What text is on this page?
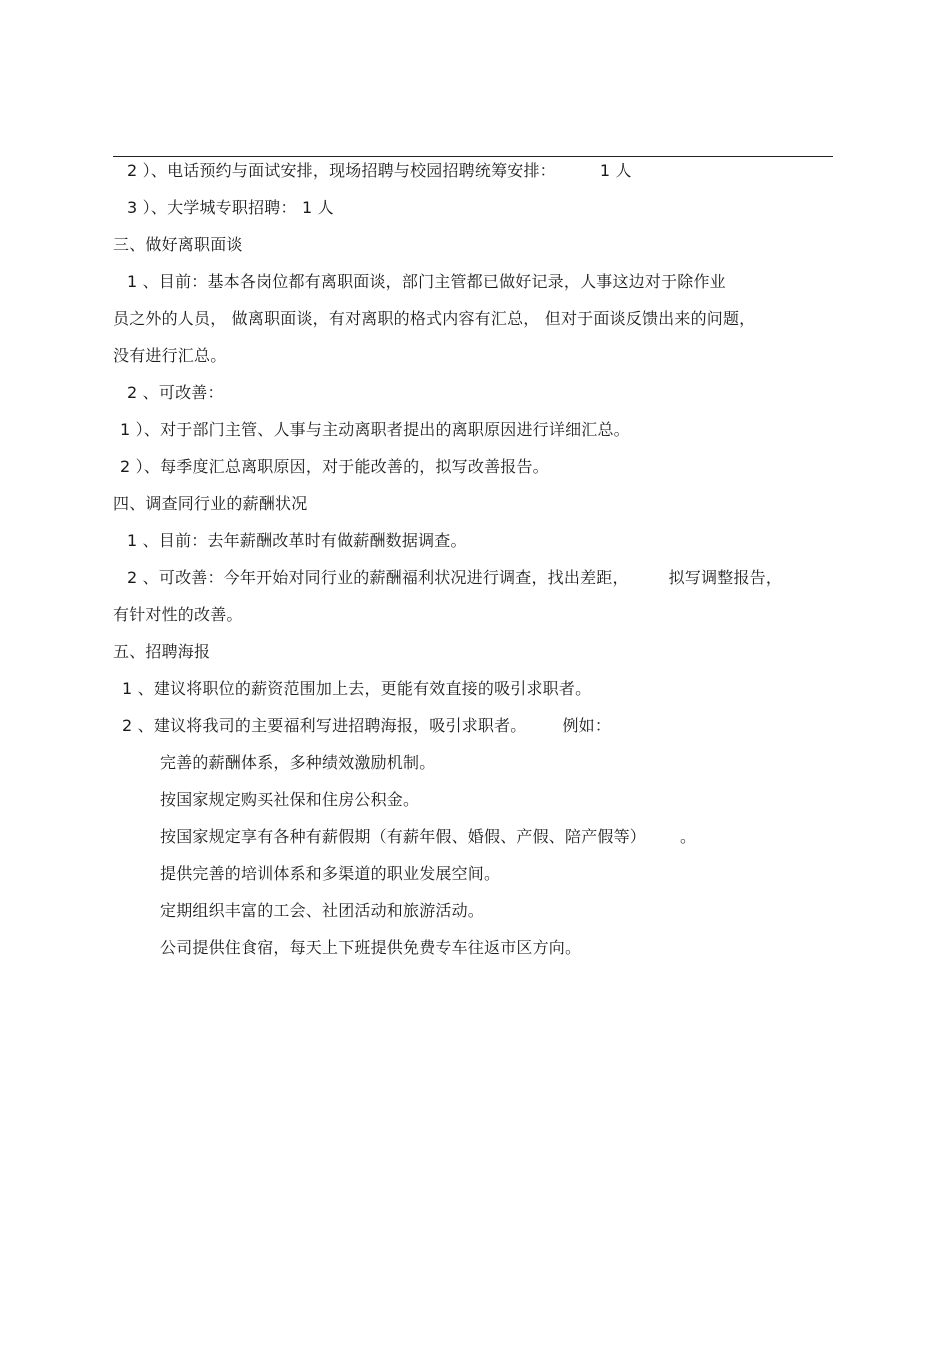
2 ）、电话预约与面试安排，现场招聘与校园招聘统筹安排：	1 人
3 ）、大学城专职招聘： 1 人
三、做好离职面谈
1 、目前：基本各岗位都有离职面谈，部门主管都已做好记录，人事这边对于除作业
员之外的人员， 做离职面谈，有对离职的格式内容有汇总， 但对于面谈反馈出来的问题，
没有进行汇总。
2 、可改善：
1 ）、对于部门主管、人事与主动离职者提出的离职原因进行详细汇总。
2 ）、每季度汇总离职原因，对于能改善的，拟写改善报告。
四、调查同行业的薪酬状况
1 、目前：去年薪酬改革时有做薪酬数据调查。
2 、可改善：今年开始对同行业的薪酬福利状况进行调查，找出差距，	拟写调整报告，
有针对性的改善。
五、招聘海报
1 、建议将职位的薪资范围加上去，更能有效直接的吸引求职者。
2 、建议将我司的主要福利写进招聘海报，吸引求职者。 例如：
完善的薪酬体系，多种绩效激励机制。
按国家规定购买社保和住房公积金。
按国家规定享有各种有薪假期（有薪年假、婚假、产假、陪产假等） 。
提供完善的培训体系和多渠道的职业发展空间。
定期组织丰富的工会、社团活动和旅游活动。
公司提供住食宿，每天上下班提供免费专车往返市区方向。
